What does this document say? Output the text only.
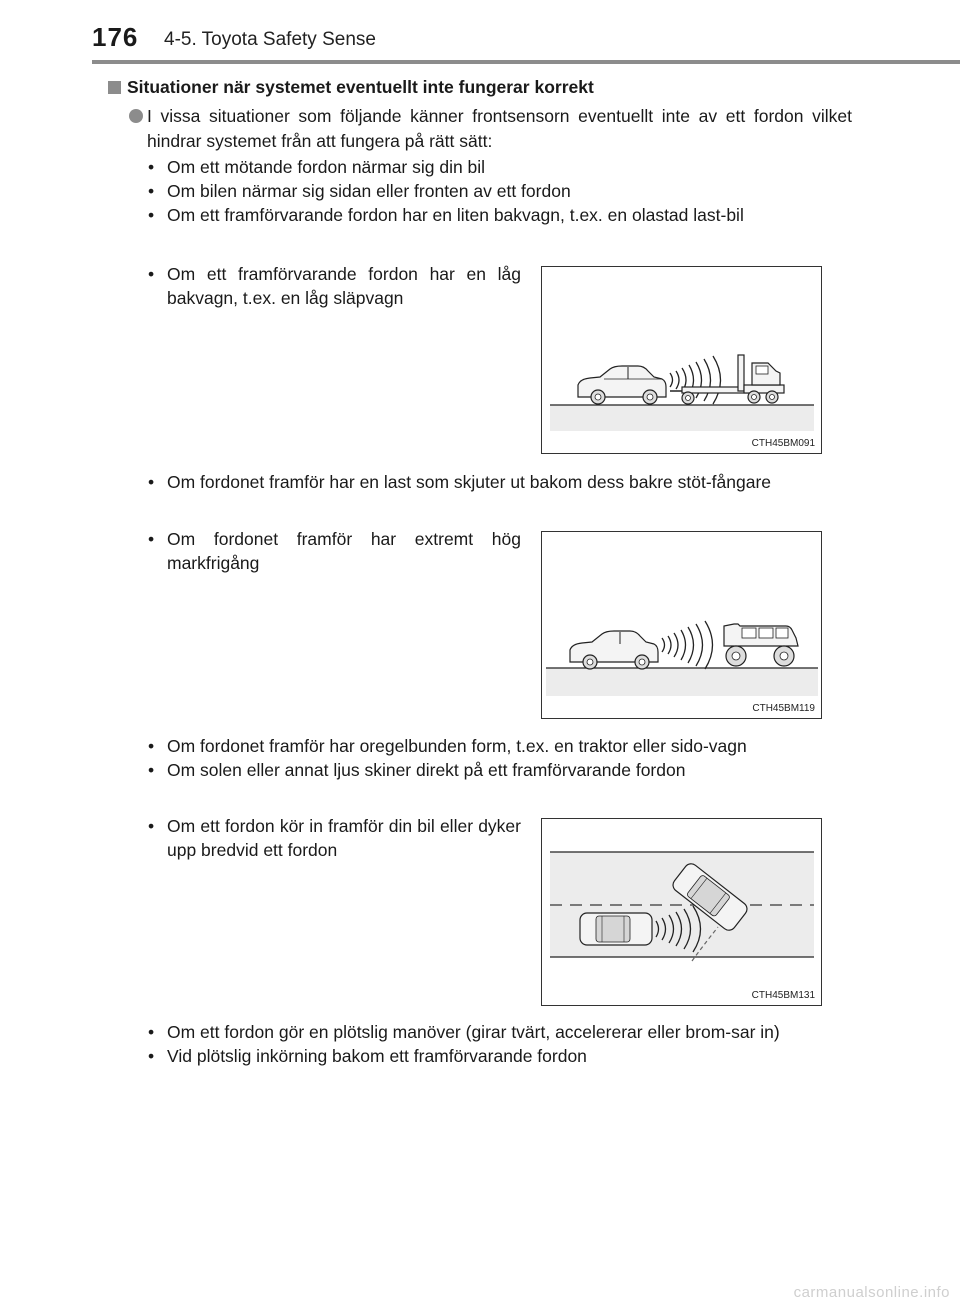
176 4-5. Toyota Safety Sense
Situationer när systemet eventuellt inte fungerar korrekt
I vissa situationer som följande känner frontsensorn eventuellt inte av ett fordon vilket hindrar systemet från att fungera på rätt sätt:
• Om ett mötande fordon närmar sig din bil
• Om bilen närmar sig sidan eller fronten av ett fordon
• Om ett framförvarande fordon har en liten bakvagn, t.ex. en olastad last-bil
• Om ett framförvarande fordon har en låg bakvagn, t.ex. en låg släpvagn
CTH45BM091
• Om fordonet framför har en last som skjuter ut bakom dess bakre stöt-fångare
• Om fordonet framför har extremt hög markfrigång
CTH45BM119
• Om fordonet framför har oregelbunden form, t.ex. en traktor eller sido-vagn
• Om solen eller annat ljus skiner direkt på ett framförvarande fordon
• Om ett fordon kör in framför din bil eller dyker upp bredvid ett fordon
CTH45BM131
• Om ett fordon gör en plötslig manöver (girar tvärt, accelererar eller brom-sar in)
• Vid plötslig inkörning bakom ett framförvarande fordon
carmanualsonline.info
